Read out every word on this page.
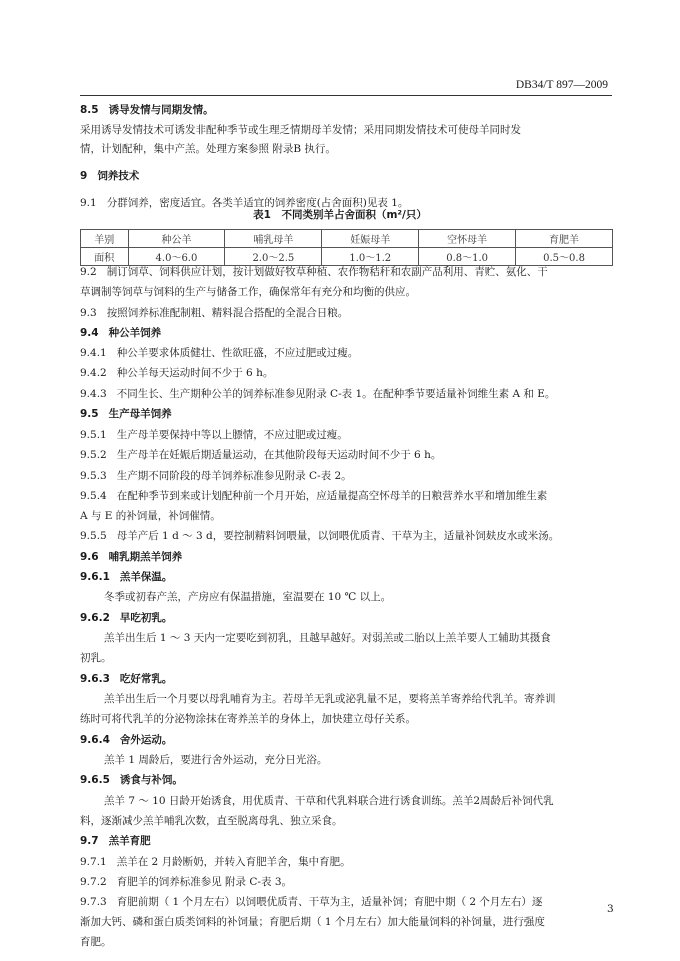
DB34/T 897—2009
8.5 诱导发情与同期发情。
采用诱导发情技术可诱发非配种季节或生理乏情期母羊发情；采用同期发情技术可使母羊同时发
情，计划配种，集中产羔。处理方案参照 附录B 执行。
9 饲养技术
9.1 分群饲养，密度适宜。各类羊适宜的饲养密度(占舍面积)见表 1。
9.2 制订饲草、饲料供应计划，按计划做好牧草种植、农作物秸秆和农副产品利用、青贮、氨化、干
草调制等饲草与饲料的生产与储备工作，确保常年有充分和均衡的供应。
9.3 按照饲养标准配制粗、精料混合搭配的全混合日粮。
9.4 种公羊饲养
9.4.1 种公羊要求体质健壮、性欲旺盛，不应过肥或过瘦。
9.4.2 种公羊每天运动时间不少于 6 h。
9.4.3 不同生长、生产期种公羊的饲养标准参见附录 C-表 1。在配种季节要适量补饲维生素 A 和 E。
9.5 生产母羊饲养
9.5.1 生产母羊要保持中等以上膘情，不应过肥或过瘦。
9.5.2 生产母羊在妊娠后期适量运动，在其他阶段每天运动时间不少于 6 h。
9.5.3 生产期不同阶段的母羊饲养标准参见附录 C-表 2。
9.5.4 在配种季节到来或计划配种前一个月开始，应适量提高空怀母羊的日粮营养水平和增加维生素
A 与 E 的补饲量，补饲催情。
9.5.5 母羊产后 1 d ～ 3 d，要控制精料饲喂量，以饲喂优质青、干草为主，适量补饲麸皮水或米汤。
9.6 哺乳期羔羊饲养
9.6.1 羔羊保温。
冬季或初春产羔，产房应有保温措施，室温要在 10 ℃ 以上。
9.6.2 早吃初乳。
羔羊出生后 1 ～ 3 天内一定要吃到初乳，且越早越好。对弱羔或二胎以上羔羊要人工辅助其摄食
初乳。
9.6.3 吃好常乳。
羔羊出生后一个月要以母乳哺育为主。若母羊无乳或泌乳量不足，要将羔羊寄养给代乳羊。寄养训
练时可将代乳羊的分泌物涂抹在寄养羔羊的身体上，加快建立母仔关系。
9.6.4 舍外运动。
羔羊 1 周龄后，要进行舍外运动，充分日光浴。
9.6.5 诱食与补饲。
羔羊 7 ～ 10 日龄开始诱食，用优质青、干草和代乳料联合进行诱食训练。羔羊2周龄后补饲代乳
料，逐渐减少羔羊哺乳次数，直至脱离母乳、独立采食。
9.7 羔羊育肥
9.7.1 羔羊在 2 月龄断奶，并转入育肥羊舍，集中育肥。
9.7.2 育肥羊的饲养标准参见 附录 C-表 3。
9.7.3 育肥前期（ 1 个月左右）以饲喂优质青、干草为主，适量补饲；育肥中期（ 2 个月左右）逐
渐加大钙、磷和蛋白质类饲料的补饲量；育肥后期（ 1 个月左右）加大能量饲料的补饲量，进行强度
育肥。
表1　不同类别羊占舍面积（m²/只）
羊别	种公羊	哺乳母羊	妊娠母羊	空怀母羊	育肥羊
面积	4.0～6.0	2.0～2.5	1.0～1.2	0.8～1.0	0.5～0.8
3
